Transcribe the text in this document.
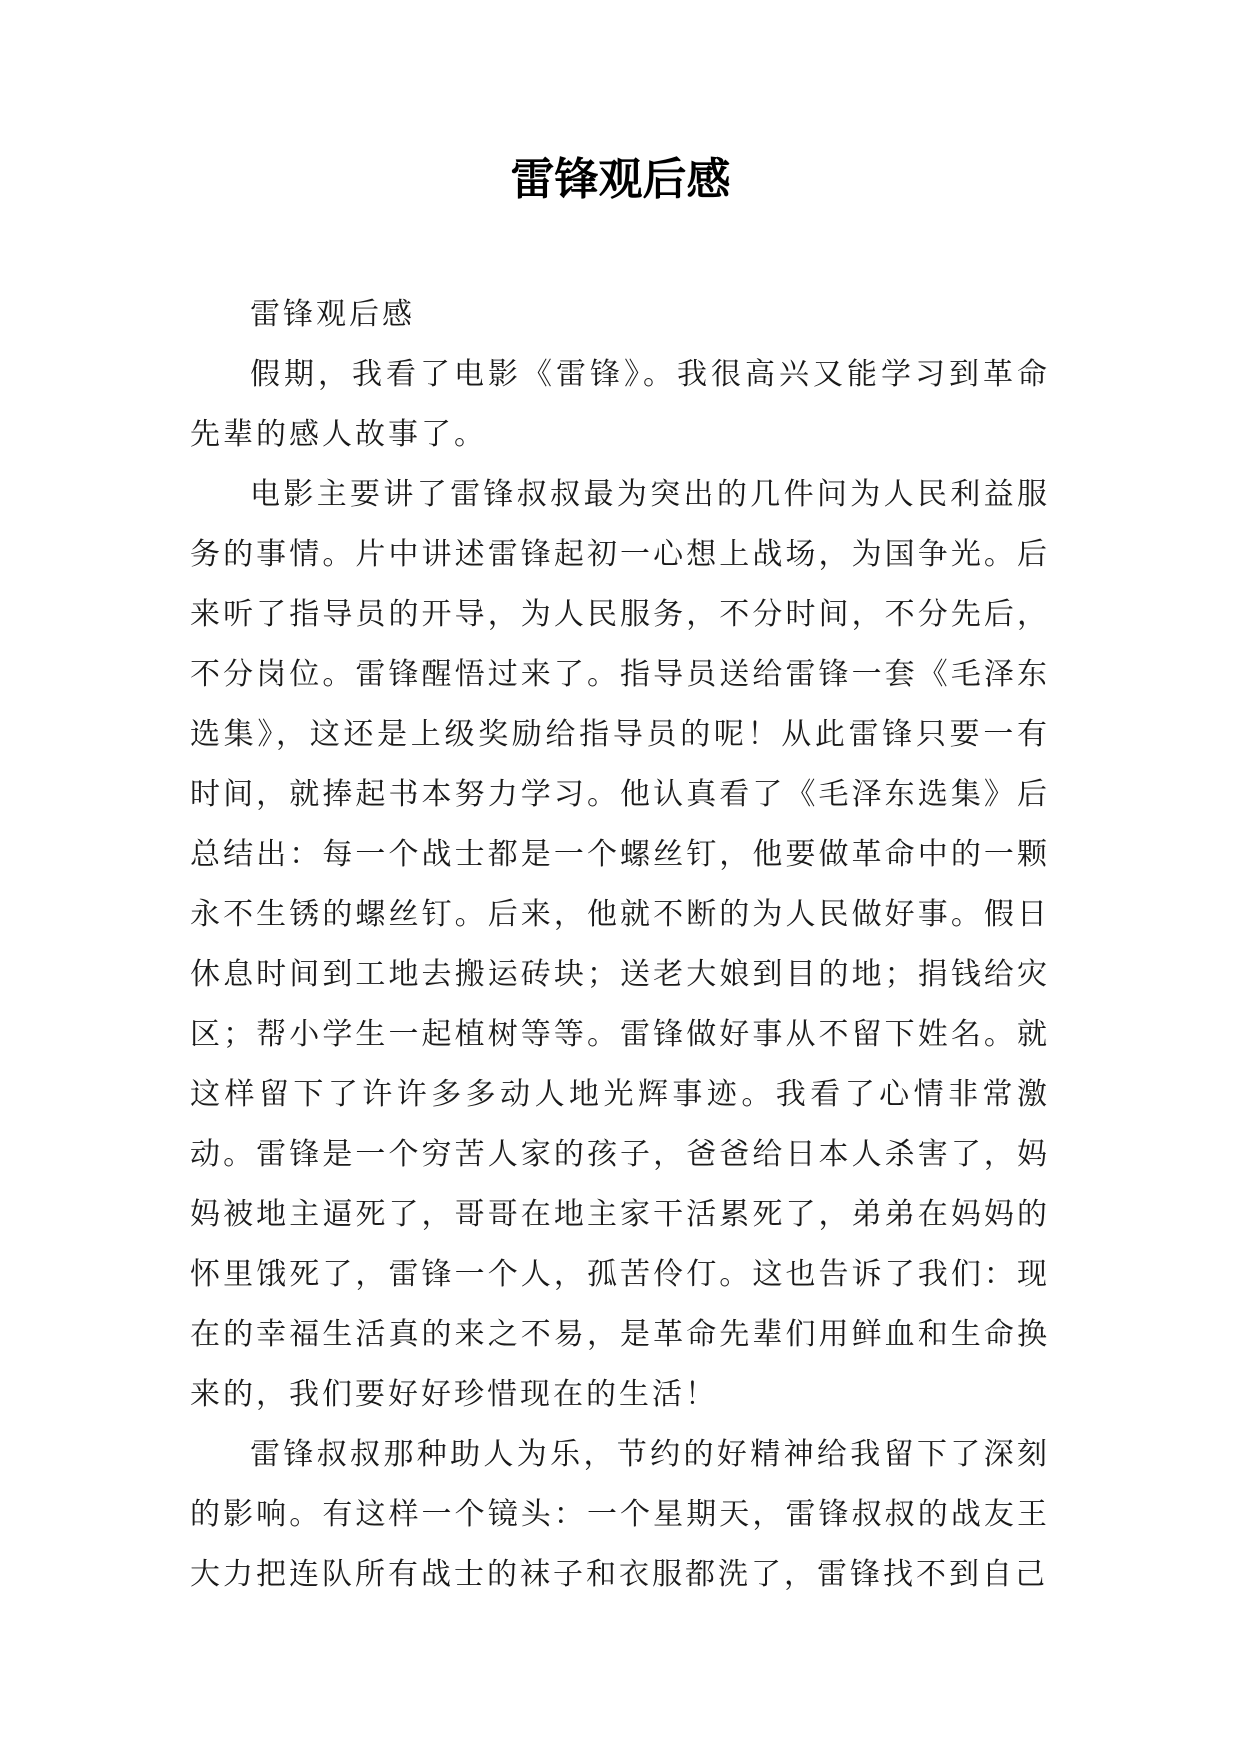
雷锋观后感

雷锋观后感

假期，我看了电影《雷锋》。我很高兴又能学习到革命先辈的感人故事了。

电影主要讲了雷锋叔叔最为突出的几件问为人民利益服务的事情。片中讲述雷锋起初一心想上战场，为国争光。后来听了指导员的开导，为人民服务，不分时间，不分先后，不分岗位。雷锋醒悟过来了。指导员送给雷锋一套《毛泽东选集》，这还是上级奖励给指导员的呢！从此雷锋只要一有时间，就捧起书本努力学习。他认真看了《毛泽东选集》后总结出：每一个战士都是一个螺丝钉，他要做革命中的一颗永不生锈的螺丝钉。后来，他就不断的为人民做好事。假日休息时间到工地去搬运砖块；送老大娘到目的地；捐钱给灾区；帮小学生一起植树等等。雷锋做好事从不留下姓名。就这样留下了许许多多动人地光辉事迹。我看了心情非常激动。雷锋是一个穷苦人家的孩子，爸爸给日本人杀害了，妈妈被地主逼死了，哥哥在地主家干活累死了，弟弟在妈妈的怀里饿死了，雷锋一个人，孤苦伶仃。这也告诉了我们：现在的幸福生活真的来之不易，是革命先辈们用鲜血和生命换来的，我们要好好珍惜现在的生活！

雷锋叔叔那种助人为乐，节约的好精神给我留下了深刻的影响。有这样一个镜头：一个星期天，雷锋叔叔的战友王大力把连队所有战士的袜子和衣服都洗了，雷锋找不到自己
